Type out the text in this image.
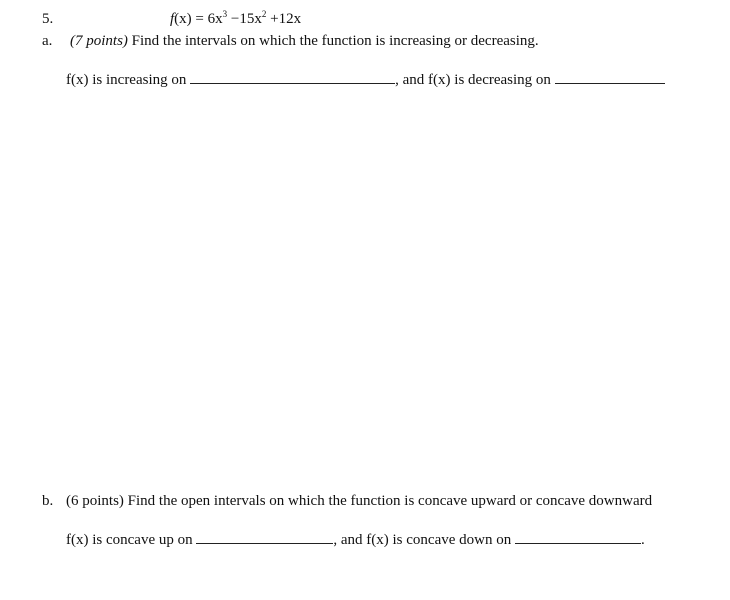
5.	$f(x) = 6x^3 -15x^2 +12x$
a. (7 points) Find the intervals on which the function is increasing or decreasing.
f(x) is increasing on	, and f(x) is decreasing on
b. (6 points) Find the open intervals on which the function is concave upward or concave downward
f(x) is concave up on	, and f(x) is concave down on	.
